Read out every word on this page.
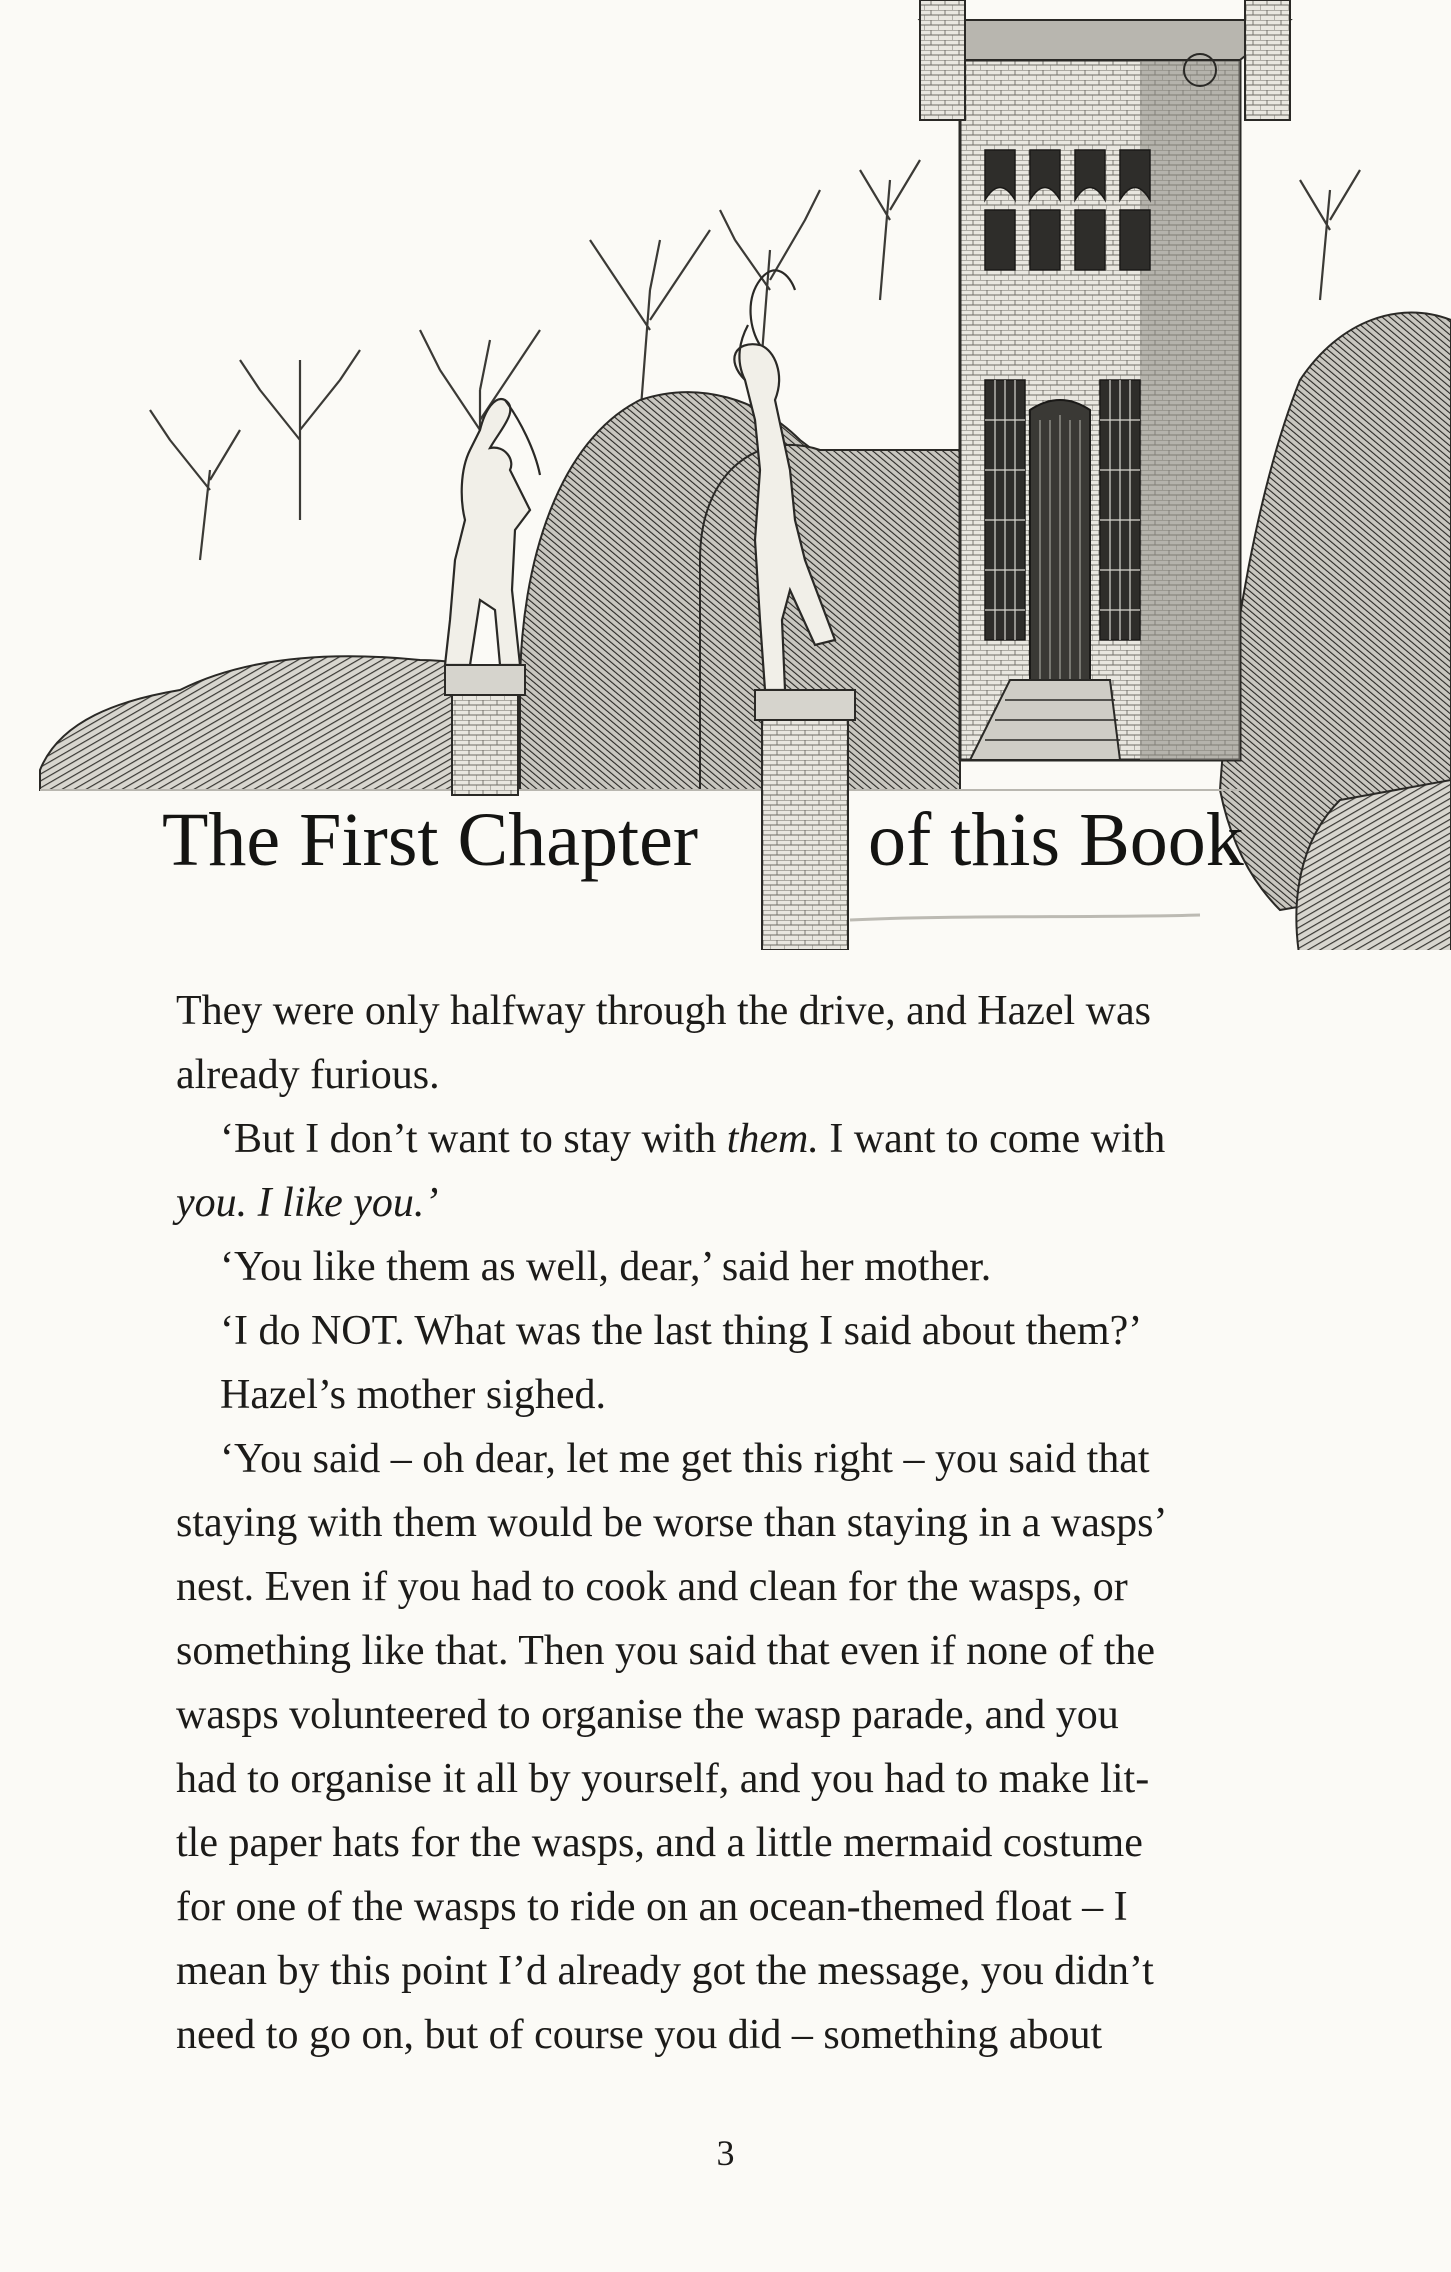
The First Chapter of this Book

They were only halfway through the drive, and Hazel was

already furious.

‘But I don’t want to stay with them. I want to come with

you. I like you.’

‘You like them as well, dear,’ said her mother.

‘I do NOT. What was the last thing I said about them?’

Hazel’s mother sighed.

‘You said – oh dear, let me get this right – you said that

staying with them would be worse than staying in a wasps’

nest. Even if you had to cook and clean for the wasps, or

something like that. Then you said that even if none of the

wasps volunteered to organise the wasp parade, and you

had to organise it all by yourself, and you had to make lit-

tle paper hats for the wasps, and a little mermaid costume

for one of the wasps to ride on an ocean-themed float – I

mean by this point I’d already got the message, you didn’t

need to go on, but of course you did – something about

3
